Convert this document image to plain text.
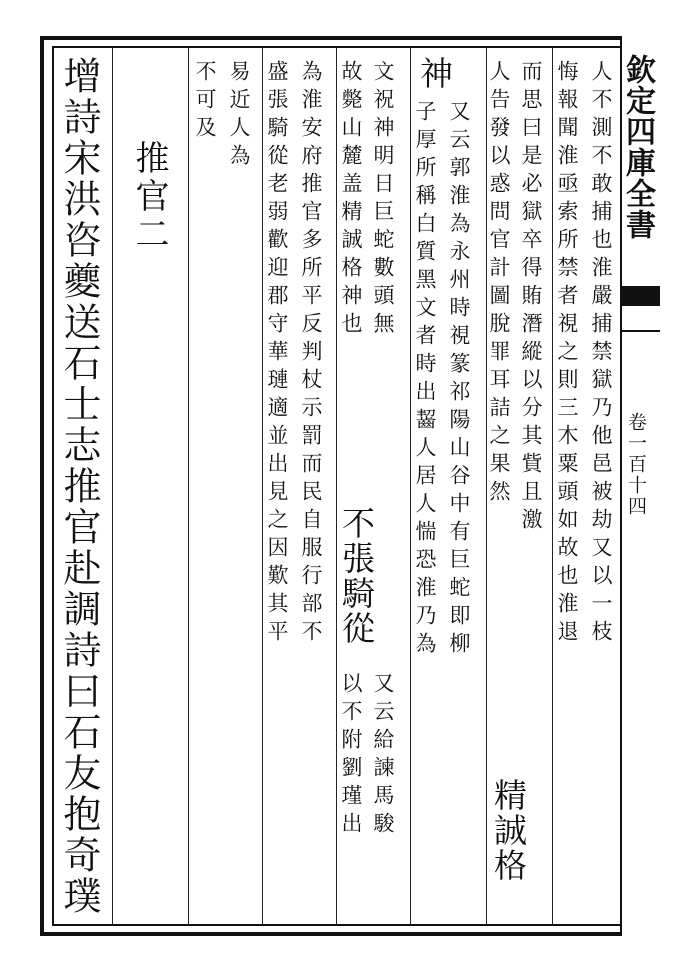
欽定四庫全書
卷一百十四
人不測不敢捕也淮嚴捕禁獄乃他邑被劫又以一枝
悔報聞淮亟索所禁者視之則三木粟頭如故也淮退
而思曰是必獄卒得賄潛縱以分其貲且激
人告發以惑問官計圖脫罪耳詰之果然
精誠格
神
又云郭淮為永州時視篆祁陽山谷中有巨蛇即柳
子厚所稱白質黑文者時出齧人居人惴恐淮乃為
文祝神明日巨蛇數頭無
不張騎從
又云給諫馬駿
故斃山麓盖精誠格神也
以不附劉瑾出
為淮安府推官多所平反判杖示罰而民自服行部不
盛張騎從老弱歡迎郡守華璉適並出見之因歎其平
易近人為
不可及
推官二
增詩宋洪咨夔送石士志推官赴調詩曰石友抱奇璞
